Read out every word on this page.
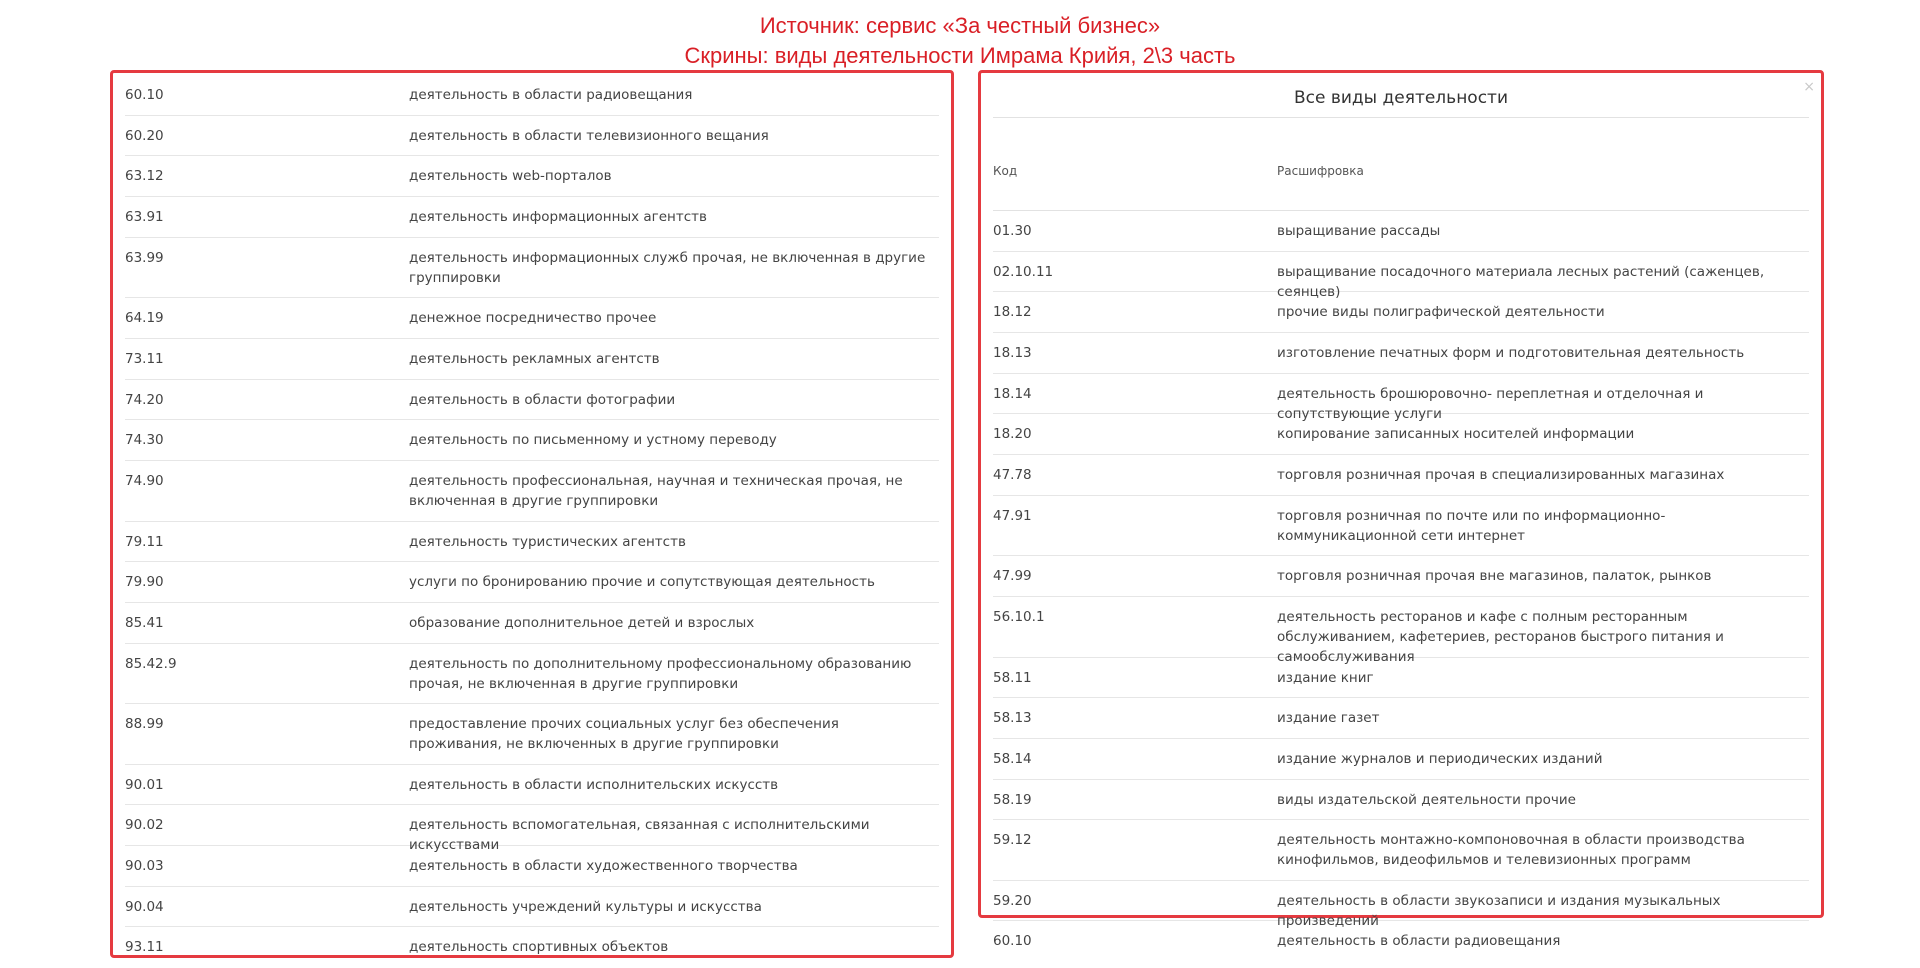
Источник: сервис «За честный бизнес»
Скрины: виды деятельности Имрама Крийя, 2\3 часть
60.10	деятельность в области радиовещания
60.20	деятельность в области телевизионного вещания
63.12	деятельность web-порталов
63.91	деятельность информационных агентств
63.99	деятельность информационных служб прочая, не включенная в другие группировки
64.19	денежное посредничество прочее
73.11	деятельность рекламных агентств
74.20	деятельность в области фотографии
74.30	деятельность по письменному и устному переводу
74.90	деятельность профессиональная, научная и техническая прочая, не включенная в другие группировки
79.11	деятельность туристических агентств
79.90	услуги по бронированию прочие и сопутствующая деятельность
85.41	образование дополнительное детей и взрослых
85.42.9	деятельность по дополнительному профессиональному образованию прочая, не включенная в другие группировки
88.99	предоставление прочих социальных услуг без обеспечения проживания, не включенных в другие группировки
90.01	деятельность в области исполнительских искусств
90.02	деятельность вспомогательная, связанная с исполнительскими искусствами
90.03	деятельность в области художественного творчества
90.04	деятельность учреждений культуры и искусства
93.11	деятельность спортивных объектов
Все виды деятельности
×
Код	Расшифровка
01.30	выращивание рассады
02.10.11	выращивание посадочного материала лесных растений (саженцев, сеянцев)
18.12	прочие виды полиграфической деятельности
18.13	изготовление печатных форм и подготовительная деятельность
18.14	деятельность брошюровочно- переплетная и отделочная и сопутствующие услуги
18.20	копирование записанных носителей информации
47.78	торговля розничная прочая в специализированных магазинах
47.91	торговля розничная по почте или по информационно-коммуникационной сети интернет
47.99	торговля розничная прочая вне магазинов, палаток, рынков
56.10.1	деятельность ресторанов и кафе с полным ресторанным обслуживанием, кафетериев, ресторанов быстрого питания и самообслуживания
58.11	издание книг
58.13	издание газет
58.14	издание журналов и периодических изданий
58.19	виды издательской деятельности прочие
59.12	деятельность монтажно-компоновочная в области производства кинофильмов, видеофильмов и телевизионных программ
59.20	деятельность в области звукозаписи и издания музыкальных произведений
60.10	деятельность в области радиовещания
